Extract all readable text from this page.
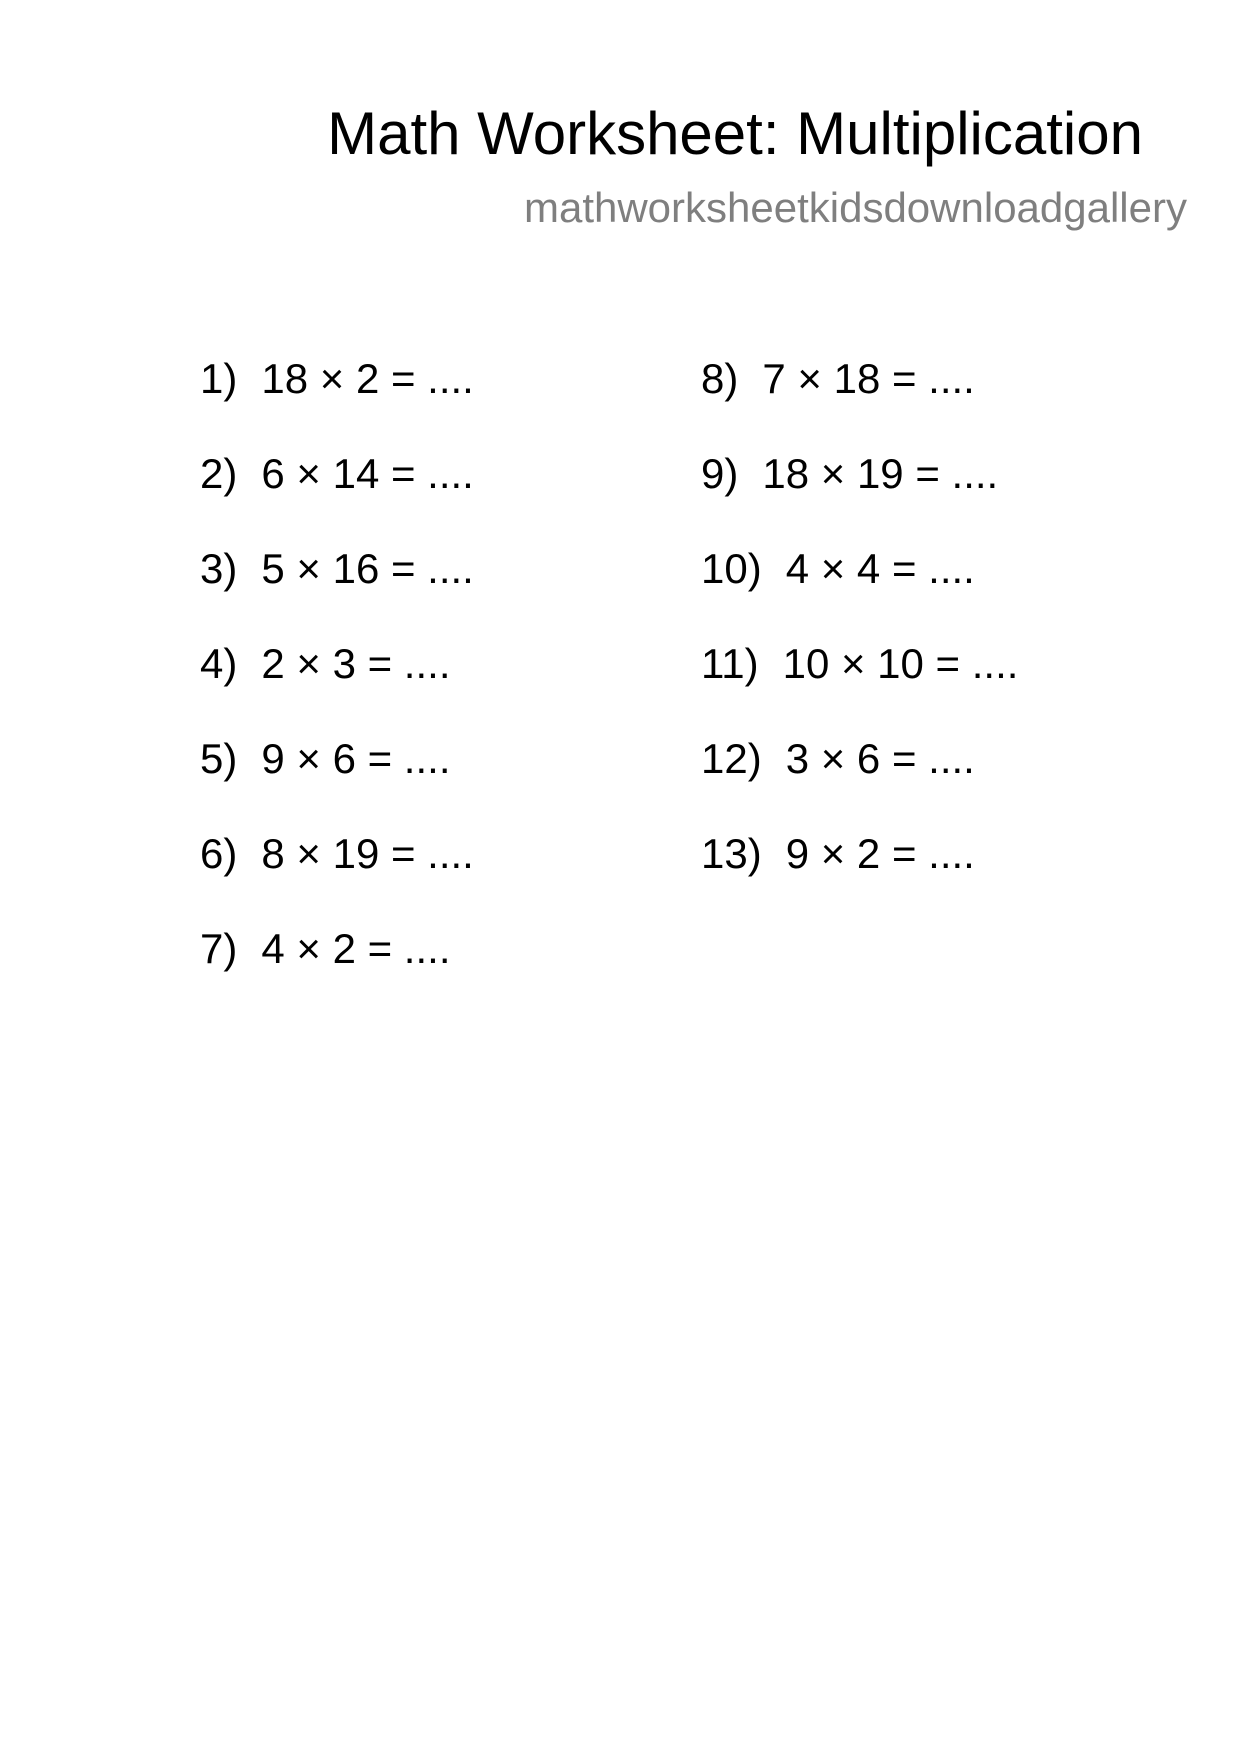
Math Worksheet: Multiplication
mathworksheetkidsdownloadgallery
1) 18 × 2 = ....
2) 6 × 14 = ....
3) 5 × 16 = ....
4) 2 × 3 = ....
5) 9 × 6 = ....
6) 8 × 19 = ....
7) 4 × 2 = ....
8) 7 × 18 = ....
9) 18 × 19 = ....
10) 4 × 4 = ....
11) 10 × 10 = ....
12) 3 × 6 = ....
13) 9 × 2 = ....
